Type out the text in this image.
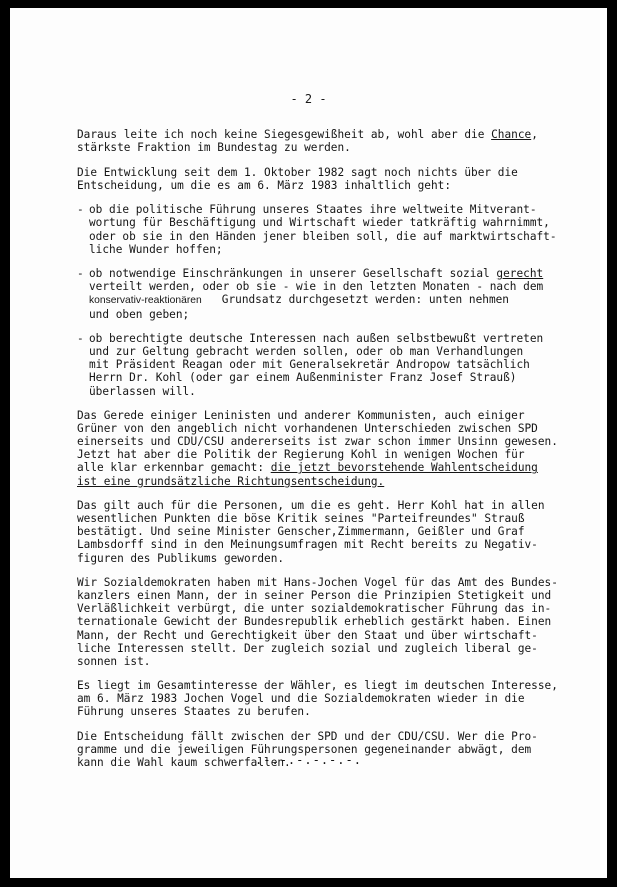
- 2 -

Daraus leite ich noch keine Siegesgewißheit ab, wohl aber die Chance,
stärkste Fraktion im Bundestag zu werden.

Die Entwicklung seit dem 1. Oktober 1982 sagt noch nichts über die
Entscheidung, um die es am 6. März 1983 inhaltlich geht:

- ob die politische Führung unseres Staates ihre weltweite Mitverant-
wortung für Beschäftigung und Wirtschaft wieder tatkräftig wahrnimmt,
oder ob sie in den Händen jener bleiben soll, die auf marktwirtschaft-
liche Wunder hoffen;
- ob notwendige Einschränkungen in unserer Gesellschaft sozial gerecht
verteilt werden, oder ob sie - wie in den letzten Monaten - nach dem
konservativ-reaktionären   Grundsatz durchgesetzt werden: unten nehmen
und oben geben;
- ob berechtigte deutsche Interessen nach außen selbstbewußt vertreten
und zur Geltung gebracht werden sollen, oder ob man Verhandlungen
mit Präsident Reagan oder mit Generalsekretär Andropow tatsächlich
Herrn Dr. Kohl (oder gar einem Außenminister Franz Josef Strauß)
überlassen will.

Das Gerede einiger Leninisten und anderer Kommunisten, auch einiger
Grüner von den angeblich nicht vorhandenen Unterschieden zwischen SPD
einerseits und CDU/CSU andererseits ist zwar schon immer Unsinn gewesen.
Jetzt hat aber die Politik der Regierung Kohl in wenigen Wochen für
alle klar erkennbar gemacht: die jetzt bevorstehende Wahlentscheidung
ist eine grundsätzliche Richtungsentscheidung.

Das gilt auch für die Personen, um die es geht. Herr Kohl hat in allen
wesentlichen Punkten die böse Kritik seines "Parteifreundes" Strauß
bestätigt. Und seine Minister Genscher,Zimmermann, Geißler und Graf
Lambsdorff sind in den Meinungsumfragen mit Recht bereits zu Negativ-
figuren des Publikums geworden.

Wir Sozialdemokraten haben mit Hans-Jochen Vogel für das Amt des Bundes-
kanzlers einen Mann, der in seiner Person die Prinzipien Stetigkeit und
Verläßlichkeit verbürgt, die unter sozialdemokratischer Führung das in-
ternationale Gewicht der Bundesrepublik erheblich gestärkt haben. Einen
Mann, der Recht und Gerechtigkeit über den Staat und über wirtschaft-
liche Interessen stellt. Der zugleich sozial und zugleich liberal ge-
sonnen ist.

Es liegt im Gesamtinteresse der Wähler, es liegt im deutschen Interesse,
am 6. März 1983 Jochen Vogel und die Sozialdemokraten wieder in die
Führung unseres Staates zu berufen.

Die Entscheidung fällt zwischen der SPD und der CDU/CSU. Wer die Pro-
gramme und die jeweiligen Führungspersonen gegeneinander abwägt, dem
kann die Wahl kaum schwerfallen.

.-.-.-.-.-.-.
